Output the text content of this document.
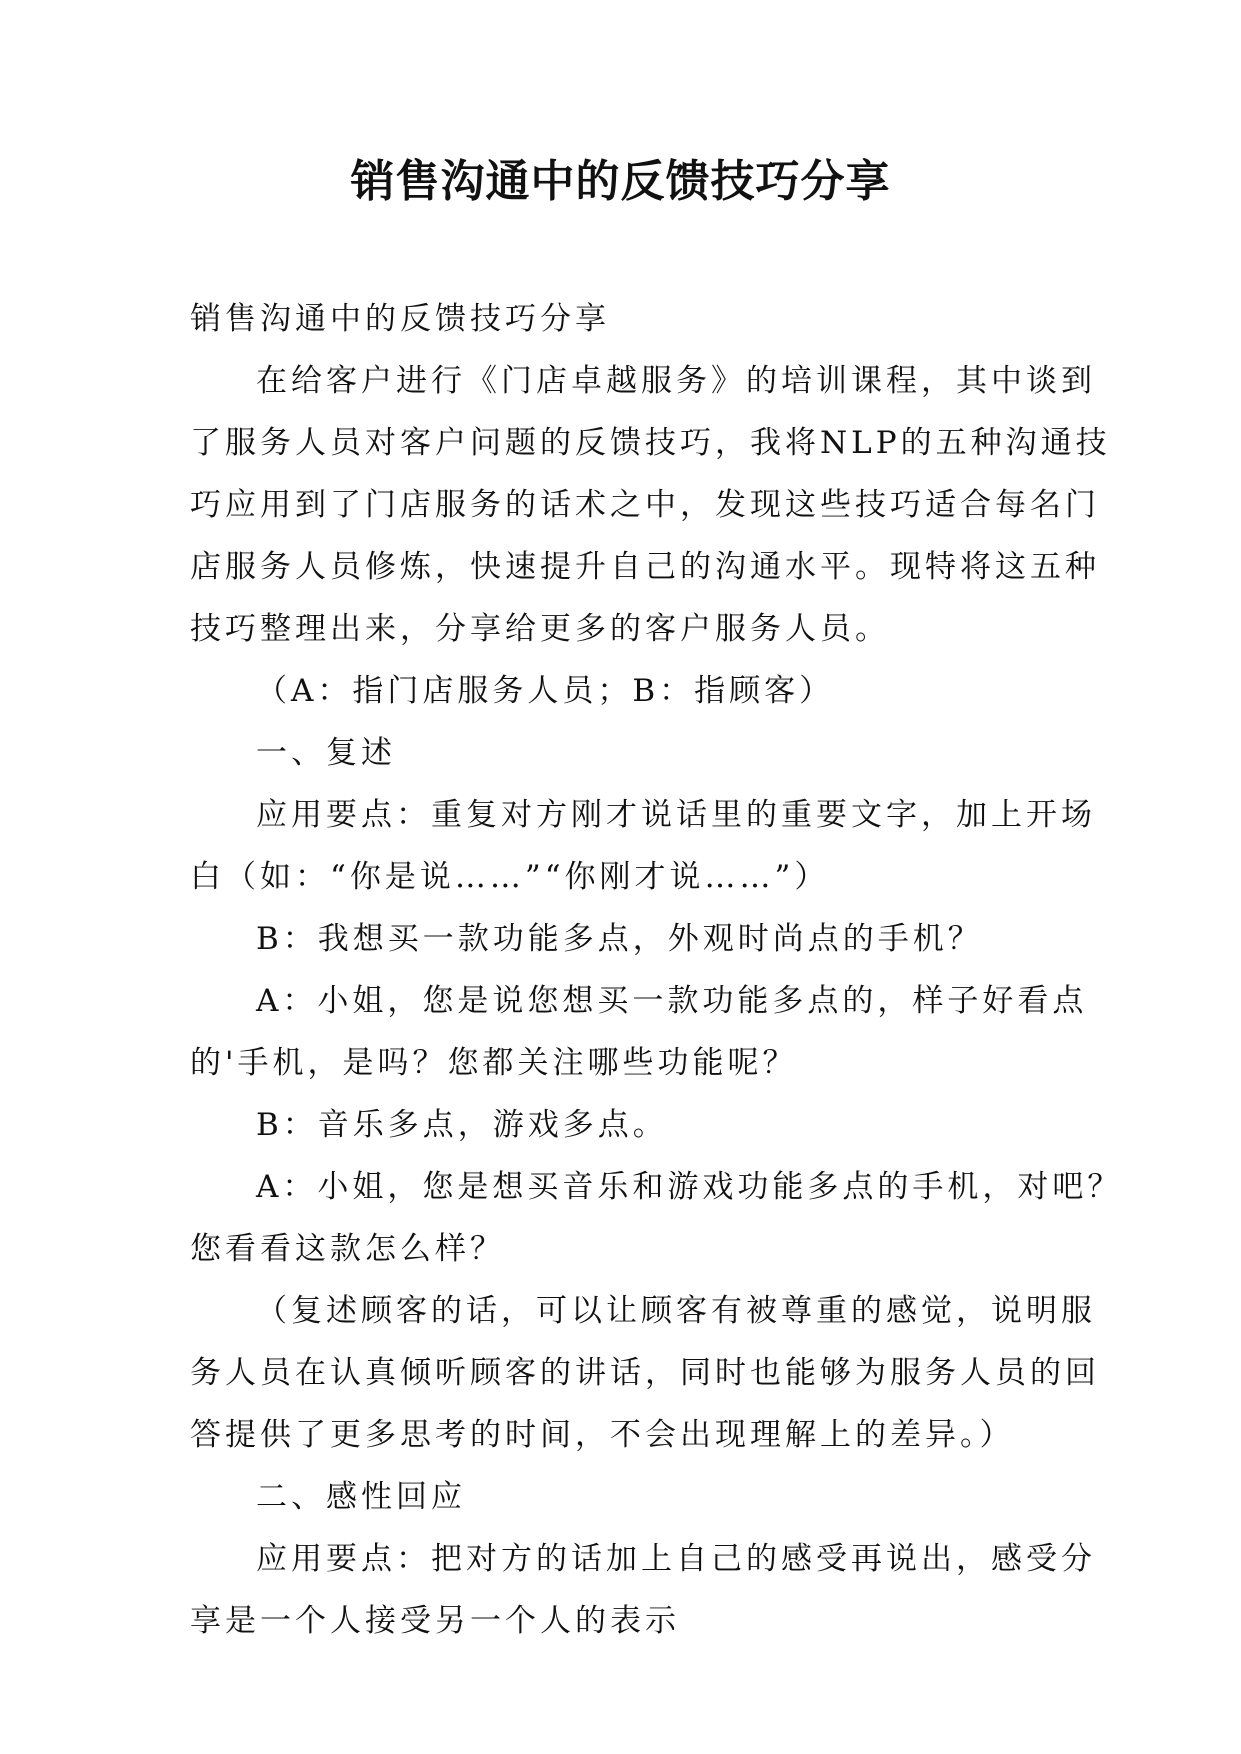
销售沟通中的反馈技巧分享
销售沟通中的反馈技巧分享
在给客户进行《门店卓越服务》的培训课程，其中谈到
了服务人员对客户问题的反馈技巧，我将NLP的五种沟通技
巧应用到了门店服务的话术之中，发现这些技巧适合每名门
店服务人员修炼，快速提升自己的沟通水平。现特将这五种
技巧整理出来，分享给更多的客户服务人员。
（A：指门店服务人员；B：指顾客）
一、复述
应用要点：重复对方刚才说话里的重要文字，加上开场
白（如：“你是说……”“你刚才说……”）
B：我想买一款功能多点，外观时尚点的手机？
A：小姐，您是说您想买一款功能多点的，样子好看点
的'手机，是吗？您都关注哪些功能呢？
B：音乐多点，游戏多点。
A：小姐，您是想买音乐和游戏功能多点的手机，对吧？
您看看这款怎么样？
（复述顾客的话，可以让顾客有被尊重的感觉，说明服
务人员在认真倾听顾客的讲话，同时也能够为服务人员的回
答提供了更多思考的时间，不会出现理解上的差异。）
二、感性回应
应用要点：把对方的话加上自己的感受再说出，感受分
享是一个人接受另一个人的表示
